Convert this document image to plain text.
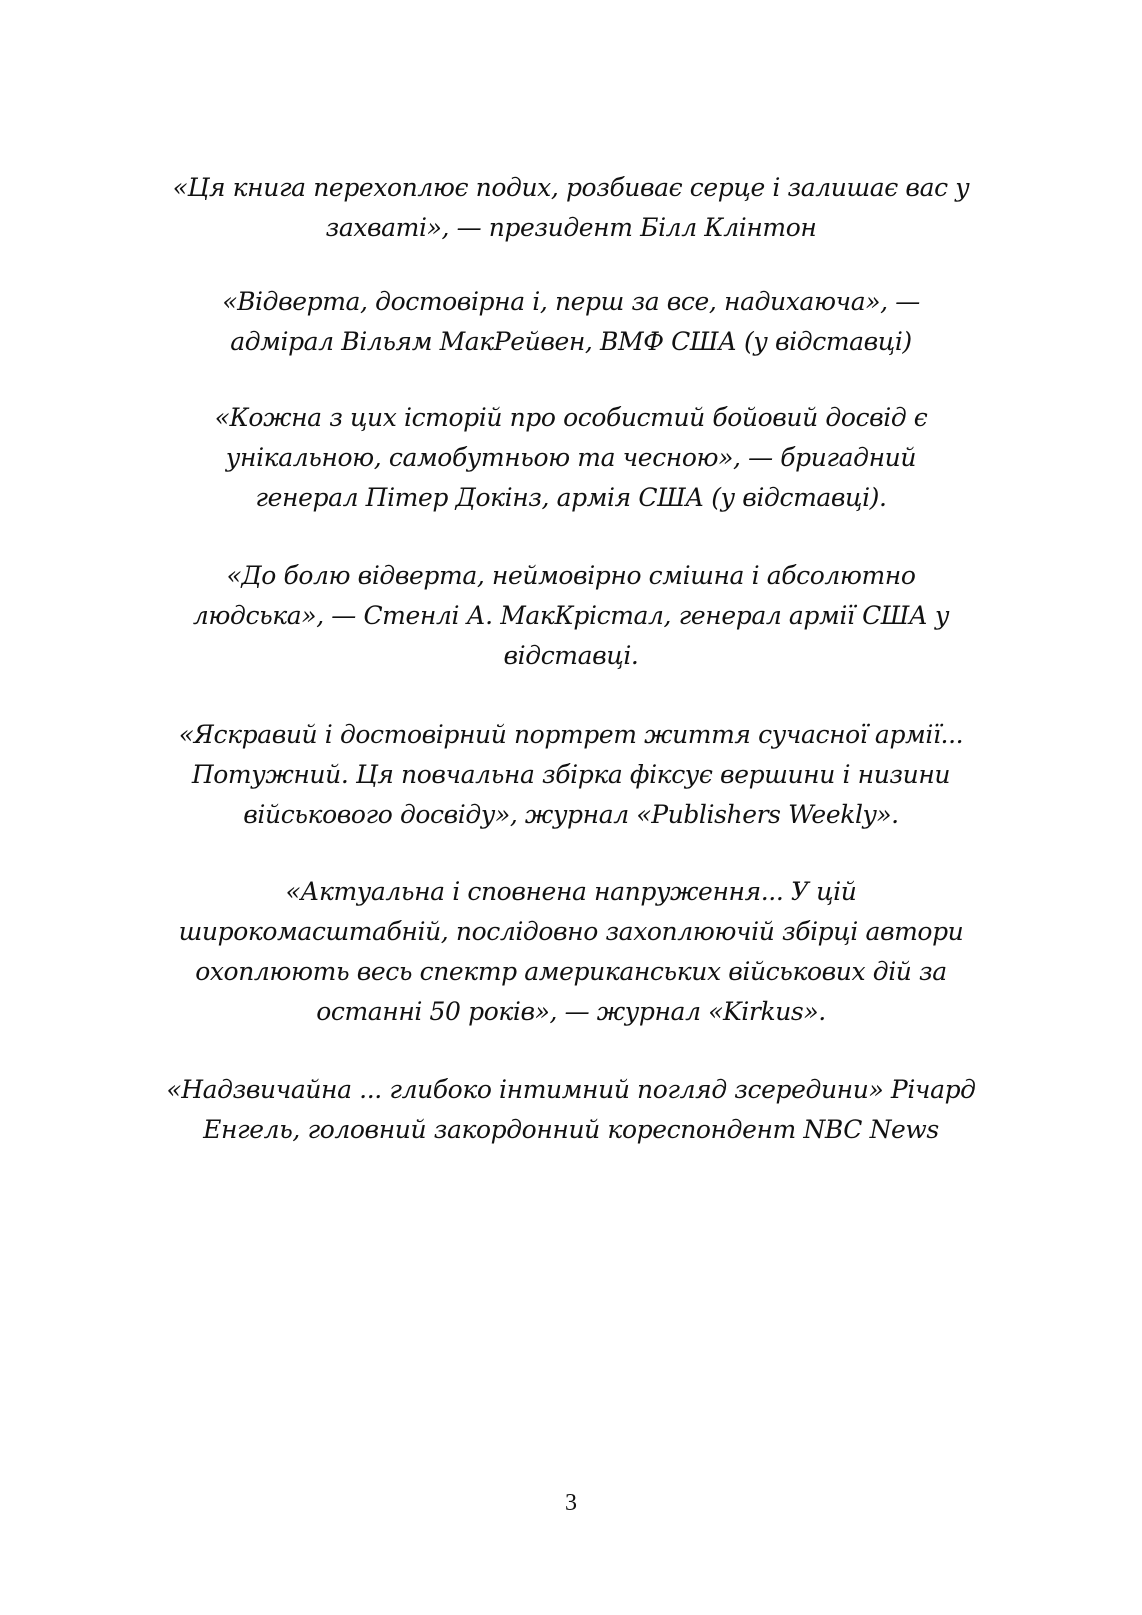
«Ця книга перехоплює подих, розбиває серце і залишає вас у
захваті», — президент Білл Клінтон
«Відверта, достовірна і, перш за все, надихаюча», —
адмірал Вільям МакРейвен, ВМФ США (у відставці)
«Кожна з цих історій про особистий бойовий досвід є
унікальною, самобутньою та чесною», — бригадний
генерал Пітер Докінз, армія США (у відставці).
«До болю відверта, неймовірно смішна і абсолютно
людська», — Стенлі А. МакКрістал, генерал армії США у
відставці.
«Яскравий і достовірний портрет життя сучасної армії...
Потужний. Ця повчальна збірка фіксує вершини і низини
військового досвіду», журнал «Publishers Weekly».
«Актуальна і сповнена напруження... У цій
широкомасштабній, послідовно захоплюючій збірці автори
охоплюють весь спектр американських військових дій за
останні 50 років», — журнал «Kirkus».
«Надзвичайна ... глибоко інтимний погляд зсередини» Річард
Енгель, головний закордонний кореспондент NBC News
3
